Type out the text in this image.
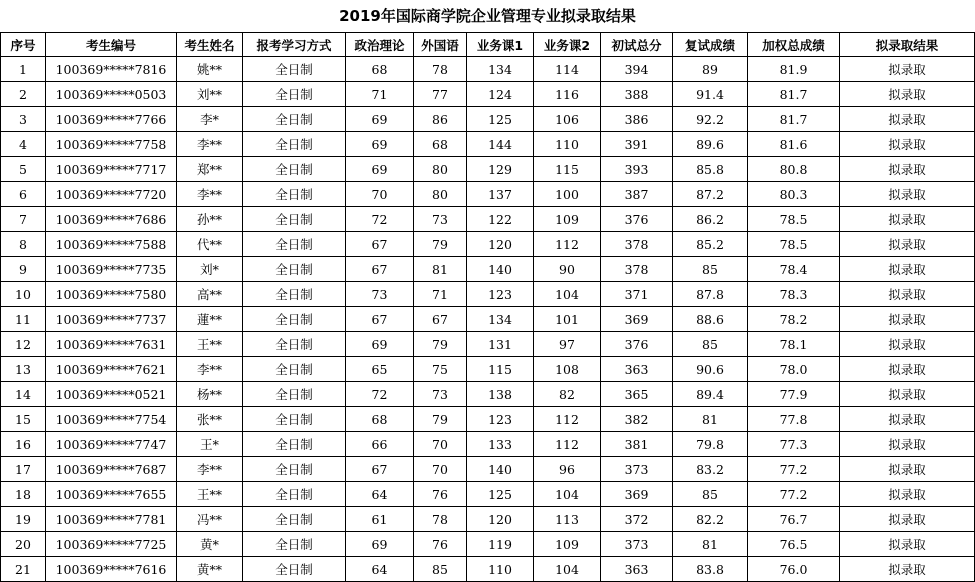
2019年国际商学院企业管理专业拟录取结果
序号	考生编号	考生姓名	报考学习方式	政治理论	外国语	业务课1	业务课2	初试总分	复试成绩	加权总成绩	拟录取结果
1	100369*****7816	姚**	全日制	68	78	134	114	394	89	81.9	拟录取
2	100369*****0503	刘**	全日制	71	77	124	116	388	91.4	81.7	拟录取
3	100369*****7766	李*	全日制	69	86	125	106	386	92.2	81.7	拟录取
4	100369*****7758	李**	全日制	69	68	144	110	391	89.6	81.6	拟录取
5	100369*****7717	郑**	全日制	69	80	129	115	393	85.8	80.8	拟录取
6	100369*****7720	李**	全日制	70	80	137	100	387	87.2	80.3	拟录取
7	100369*****7686	孙**	全日制	72	73	122	109	376	86.2	78.5	拟录取
8	100369*****7588	代**	全日制	67	79	120	112	378	85.2	78.5	拟录取
9	100369*****7735	刘*	全日制	67	81	140	90	378	85	78.4	拟录取
10	100369*****7580	高**	全日制	73	71	123	104	371	87.8	78.3	拟录取
11	100369*****7737	蓮**	全日制	67	67	134	101	369	88.6	78.2	拟录取
12	100369*****7631	王**	全日制	69	79	131	97	376	85	78.1	拟录取
13	100369*****7621	李**	全日制	65	75	115	108	363	90.6	78.0	拟录取
14	100369*****0521	杨**	全日制	72	73	138	82	365	89.4	77.9	拟录取
15	100369*****7754	张**	全日制	68	79	123	112	382	81	77.8	拟录取
16	100369*****7747	王*	全日制	66	70	133	112	381	79.8	77.3	拟录取
17	100369*****7687	李**	全日制	67	70	140	96	373	83.2	77.2	拟录取
18	100369*****7655	王**	全日制	64	76	125	104	369	85	77.2	拟录取
19	100369*****7781	冯**	全日制	61	78	120	113	372	82.2	76.7	拟录取
20	100369*****7725	黄*	全日制	69	76	119	109	373	81	76.5	拟录取
21	100369*****7616	黄**	全日制	64	85	110	104	363	83.8	76.0	拟录取
